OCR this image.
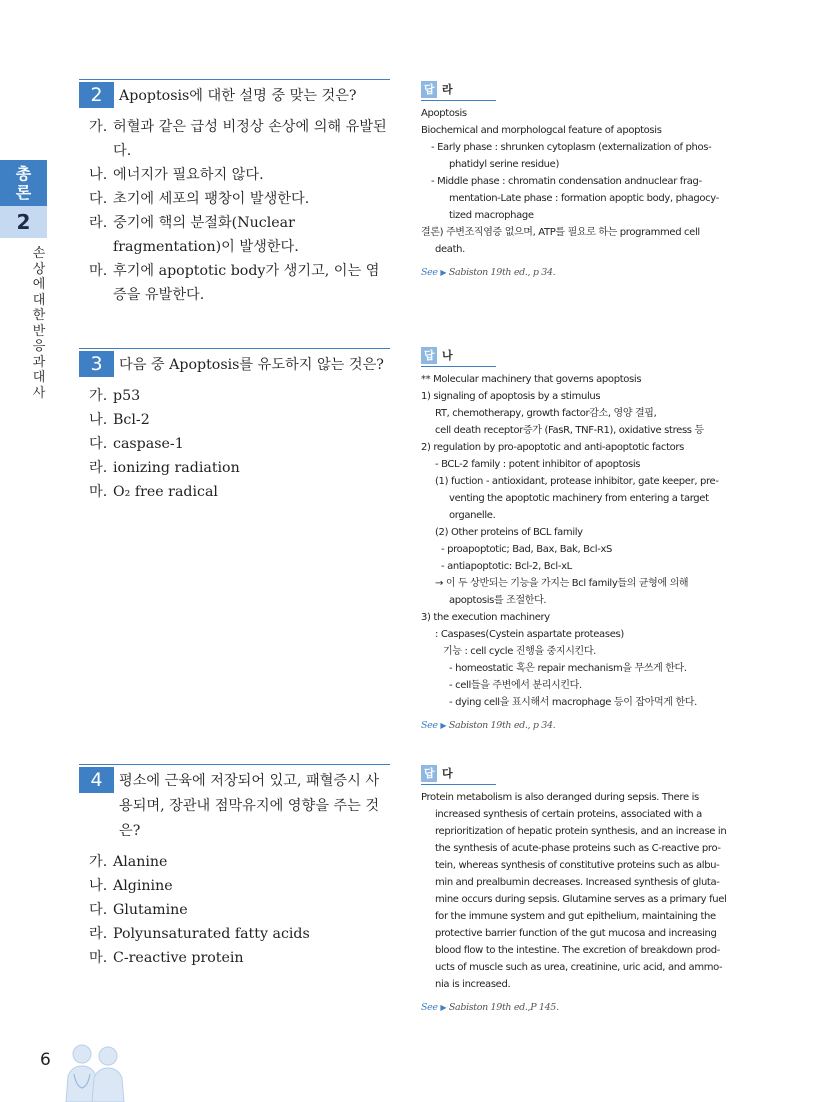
총
론
2
손
상
에
대
한
반
응
과
대
사
2	Apoptosis에 대한 설명 중 맞는 것은?

가. 허혈과 같은 급성 비정상 손상에 의해 유발된다.
나. 에너지가 필요하지 않다.
다. 초기에 세포의 팽창이 발생한다.
라. 중기에 핵의 분절화(Nuclear fragmentation)이 발생한다.
마. 후기에 apoptotic body가 생기고, 이는 염증을 유발한다.
3	다음 중 Apoptosis를 유도하지 않는 것은?

가. p53
나. Bcl-2
다. caspase-1
라. ionizing radiation
마. O₂ free radical
4	평소에 근육에 저장되어 있고, 패혈증시 사용되며, 장관내 점막유지에 영향을 주는 것은?

가. Alanine
나. Alginine
다. Glutamine
라. Polyunsaturated fatty acids
마. C-reactive protein
답 라
Apoptosis
Biochemical and morphologcal feature of apoptosis
- Early phase : shrunken cytoplasm (externalization of phos-
phatidyl serine residue)
- Middle phase : chromatin condensation andnuclear frag-
mentation-Late phase : formation apoptic body, phagocy-
tized macrophage
결론) 주변조직염증 없으며, ATP를 필요로 하는 programmed cell
death.
See ▶ Sabiston 19th ed., p 34.
답 나
** Molecular machinery that governs apoptosis
1) signaling of apoptosis by a stimulus
RT, chemotherapy, growth factor감소, 영양 결핍,
cell death receptor증가 (FasR, TNF-R1), oxidative stress 등
2) regulation by pro-apoptotic and anti-apoptotic factors
- BCL-2 family : potent inhibitor of apoptosis
(1) fuction - antioxidant, protease inhibitor, gate keeper, pre-
venting the apoptotic machinery from entering a target
organelle.
(2) Other proteins of BCL family
- proapoptotic; Bad, Bax, Bak, Bcl-xS
- antiapoptotic: Bcl-2, Bcl-xL
→ 이 두 상반되는 기능을 가지는 Bcl family들의 균형에 의해
apoptosis를 조절한다.
3) the execution machinery
: Caspases(Cystein aspartate proteases)
기능 : cell cycle 진행을 중지시킨다.
- homeostatic 혹은 repair mechanism을 무쓰게 한다.
- cell들을 주변에서 분리시킨다.
- dying cell을 표시해서 macrophage 등이 잡아먹게 한다.
See ▶ Sabiston 19th ed., p 34.
답 다
Protein metabolism is also deranged during sepsis. There is
increased synthesis of certain proteins, associated with a
reprioritization of hepatic protein synthesis, and an increase in
the synthesis of acute-phase proteins such as C-reactive pro-
tein, whereas synthesis of constitutive proteins such as albu-
min and prealbumin decreases. Increased synthesis of gluta-
mine occurs during sepsis. Glutamine serves as a primary fuel
for the immune system and gut epithelium, maintaining the
protective barrier function of the gut mucosa and increasing
blood flow to the intestine. The excretion of breakdown prod-
ucts of muscle such as urea, creatinine, uric acid, and ammo-
nia is increased.
See ▶ Sabiston 19th ed.,P 145.
6
